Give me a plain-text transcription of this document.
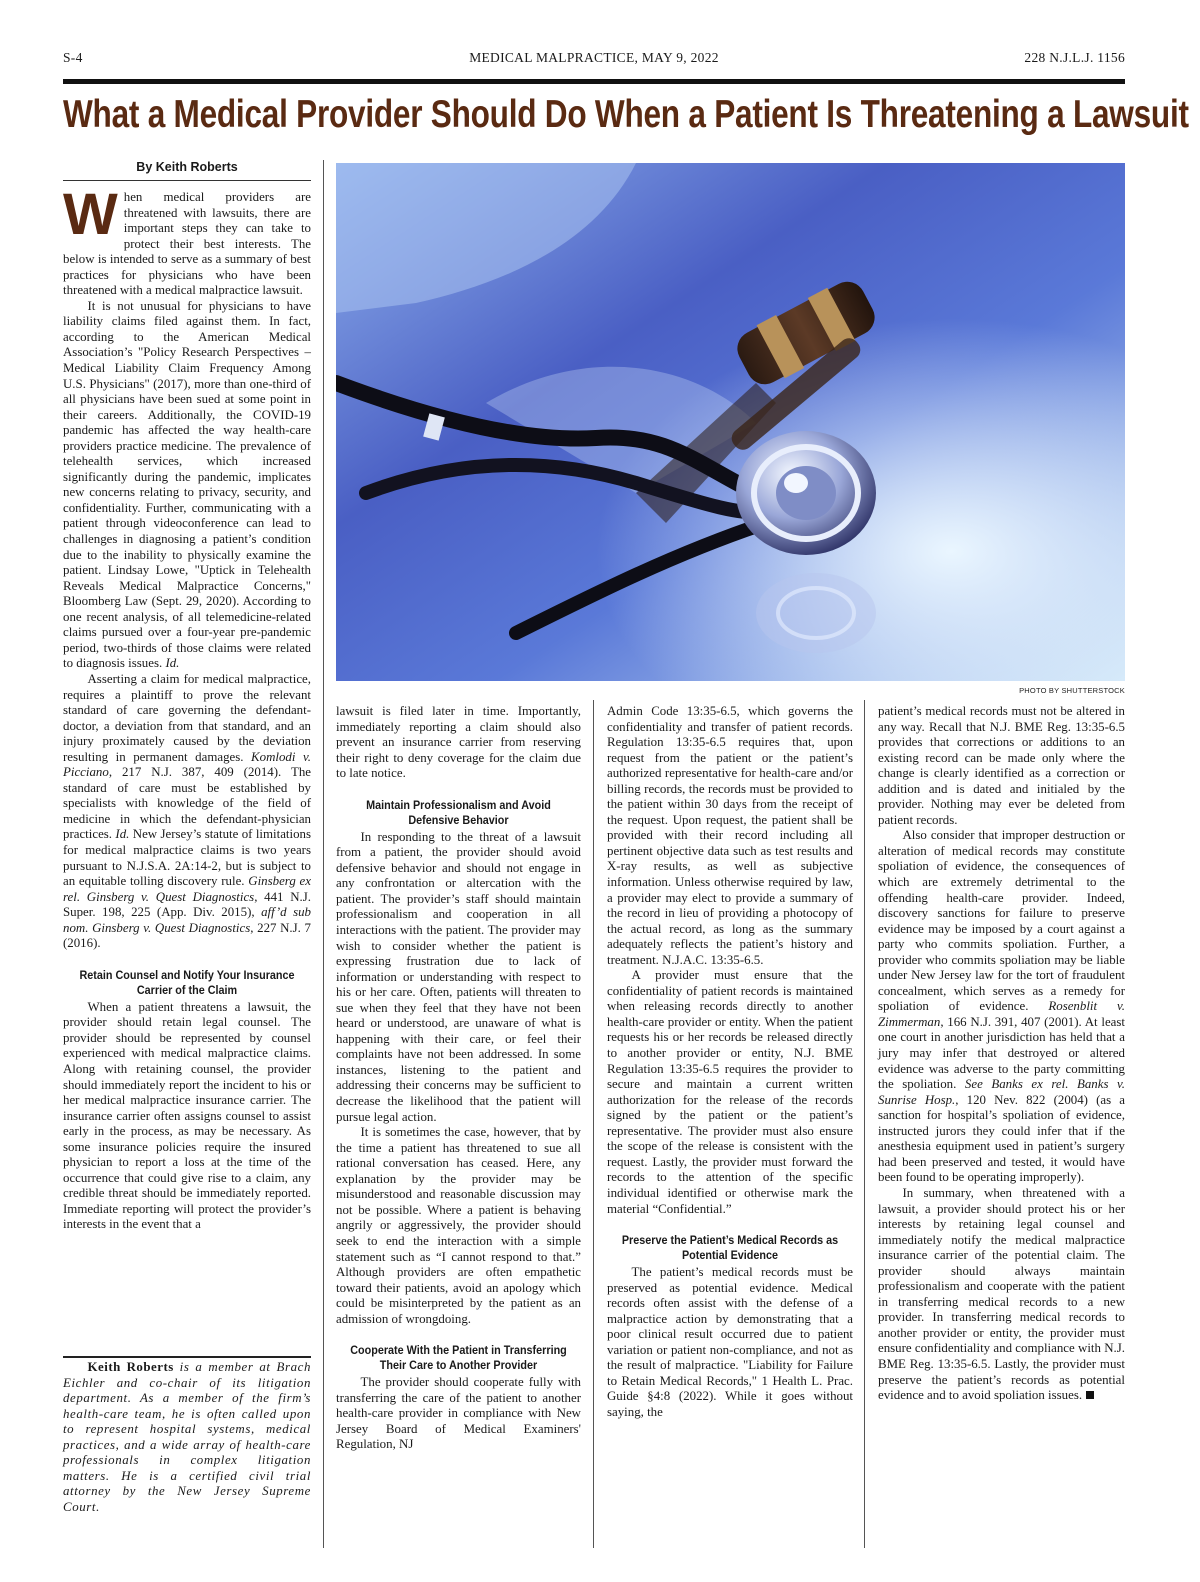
S-4	MEDICAL MALPRACTICE, MAY 9, 2022	228 N.J.L.J. 1156
What a Medical Provider Should Do When a Patient Is Threatening a Lawsuit
By Keith Roberts
PHOTO BY SHUTTERSTOCK

When medical providers are threatened with lawsuits, there are important steps they can take to protect their best interests. The below is intended to serve as a summary of best practices for physicians who have been threatened with a medical malpractice lawsuit.

It is not unusual for physicians to have liability claims filed against them. In fact, according to the American Medical Association’s "Policy Research Perspectives – Medical Liability Claim Frequency Among U.S. Physicians" (2017), more than one-third of all physicians have been sued at some point in their careers. Additionally, the COVID-19 pandemic has affected the way health-care providers practice medicine. The prevalence of telehealth services, which increased significantly during the pandemic, implicates new concerns relating to privacy, security, and confidentiality. Further, communicating with a patient through videoconference can lead to challenges in diagnosing a patient’s condition due to the inability to physically examine the patient. Lindsay Lowe, "Uptick in Telehealth Reveals Medical Malpractice Concerns," Bloomberg Law (Sept. 29, 2020). According to one recent analysis, of all telemedicine-related claims pursued over a four-year pre-pandemic period, two-thirds of those claims were related to diagnosis issues. Id.

Asserting a claim for medical malpractice, requires a plaintiff to prove the relevant standard of care governing the defendant-doctor, a deviation from that standard, and an injury proximately caused by the deviation resulting in permanent damages. Komlodi v. Picciano, 217 N.J. 387, 409 (2014). The standard of care must be established by specialists with knowledge of the field of medicine in which the defendant-physician practices. Id. New Jersey’s statute of limitations for medical malpractice claims is two years pursuant to N.J.S.A. 2A:14-2, but is subject to an equitable tolling discovery rule. Ginsberg ex rel. Ginsberg v. Quest Diagnostics, 441 N.J. Super. 198, 225 (App. Div. 2015), aff’d sub nom. Ginsberg v. Quest Diagnostics, 227 N.J. 7 (2016).

Retain Counsel and Notify Your Insurance Carrier of the Claim

When a patient threatens a lawsuit, the provider should retain legal counsel. The provider should be represented by counsel experienced with medical malpractice claims. Along with retaining counsel, the provider should immediately report the incident to his or her medical malpractice insurance carrier. The insurance carrier often assigns counsel to assist early in the process, as may be necessary. As some insurance policies require the insured physician to report a loss at the time of the occurrence that could give rise to a claim, any credible threat should be immediately reported. Immediate reporting will protect the provider’s interests in the event that a

Keith Roberts is a member at Brach Eichler and co-chair of its litigation department. As a member of the firm’s health-care team, he is often called upon to represent hospital systems, medical practices, and a wide array of health-care professionals in complex litigation matters. He is a certified civil trial attorney by the New Jersey Supreme Court.

lawsuit is filed later in time. Importantly, immediately reporting a claim should also prevent an insurance carrier from reserving their right to deny coverage for the claim due to late notice.

Maintain Professionalism and Avoid Defensive Behavior

In responding to the threat of a lawsuit from a patient, the provider should avoid defensive behavior and should not engage in any confrontation or altercation with the patient. The provider’s staff should maintain professionalism and cooperation in all interactions with the patient. The provider may wish to consider whether the patient is expressing frustration due to lack of information or understanding with respect to his or her care. Often, patients will threaten to sue when they feel that they have not been heard or understood, are unaware of what is happening with their care, or feel their complaints have not been addressed. In some instances, listening to the patient and addressing their concerns may be sufficient to decrease the likelihood that the patient will pursue legal action.

It is sometimes the case, however, that by the time a patient has threatened to sue all rational conversation has ceased. Here, any explanation by the provider may be misunderstood and reasonable discussion may not be possible. Where a patient is behaving angrily or aggressively, the provider should seek to end the interaction with a simple statement such as “I cannot respond to that.” Although providers are often empathetic toward their patients, avoid an apology which could be misinterpreted by the patient as an admission of wrongdoing.

Cooperate With the Patient in Transferring Their Care to Another Provider

The provider should cooperate fully with transferring the care of the patient to another health-care provider in compliance with New Jersey Board of Medical Examiners' Regulation, NJ

Admin Code 13:35-6.5, which governs the confidentiality and transfer of patient records. Regulation 13:35-6.5 requires that, upon request from the patient or the patient’s authorized representative for health-care and/or billing records, the records must be provided to the patient within 30 days from the receipt of the request. Upon request, the patient shall be provided with their record including all pertinent objective data such as test results and X-ray results, as well as subjective information. Unless otherwise required by law, a provider may elect to provide a summary of the record in lieu of providing a photocopy of the actual record, as long as the summary adequately reflects the patient’s history and treatment. N.J.A.C. 13:35-6.5.

A provider must ensure that the confidentiality of patient records is maintained when releasing records directly to another health-care provider or entity. When the patient requests his or her records be released directly to another provider or entity, N.J. BME Regulation 13:35-6.5 requires the provider to secure and maintain a current written authorization for the release of the records signed by the patient or the patient’s representative. The provider must also ensure the scope of the release is consistent with the request. Lastly, the provider must forward the records to the attention of the specific individual identified or otherwise mark the material “Confidential.”

Preserve the Patient’s Medical Records as Potential Evidence

The patient’s medical records must be preserved as potential evidence. Medical records often assist with the defense of a malpractice action by demonstrating that a poor clinical result occurred due to patient variation or patient non-compliance, and not as the result of malpractice. "Liability for Failure to Retain Medical Records," 1 Health L. Prac. Guide §4:8 (2022). While it goes without saying, the

patient’s medical records must not be altered in any way. Recall that N.J. BME Reg. 13:35-6.5 provides that corrections or additions to an existing record can be made only where the change is clearly identified as a correction or addition and is dated and initialed by the provider. Nothing may ever be deleted from patient records.

Also consider that improper destruction or alteration of medical records may constitute spoliation of evidence, the consequences of which are extremely detrimental to the offending health-care provider. Indeed, discovery sanctions for failure to preserve evidence may be imposed by a court against a party who commits spoliation. Further, a provider who commits spoliation may be liable under New Jersey law for the tort of fraudulent concealment, which serves as a remedy for spoliation of evidence. Rosenblit v. Zimmerman, 166 N.J. 391, 407 (2001). At least one court in another jurisdiction has held that a jury may infer that destroyed or altered evidence was adverse to the party committing the spoliation. See Banks ex rel. Banks v. Sunrise Hosp., 120 Nev. 822 (2004) (as a sanction for hospital’s spoliation of evidence, instructed jurors they could infer that if the anesthesia equipment used in patient’s surgery had been preserved and tested, it would have been found to be operating improperly).

In summary, when threatened with a lawsuit, a provider should protect his or her interests by retaining legal counsel and immediately notify the medical malpractice insurance carrier of the potential claim. The provider should always maintain professionalism and cooperate with the patient in transferring medical records to a new provider. In transferring medical records to another provider or entity, the provider must ensure confidentiality and compliance with N.J. BME Reg. 13:35-6.5. Lastly, the provider must preserve the patient’s records as potential evidence and to avoid spoliation issues.
